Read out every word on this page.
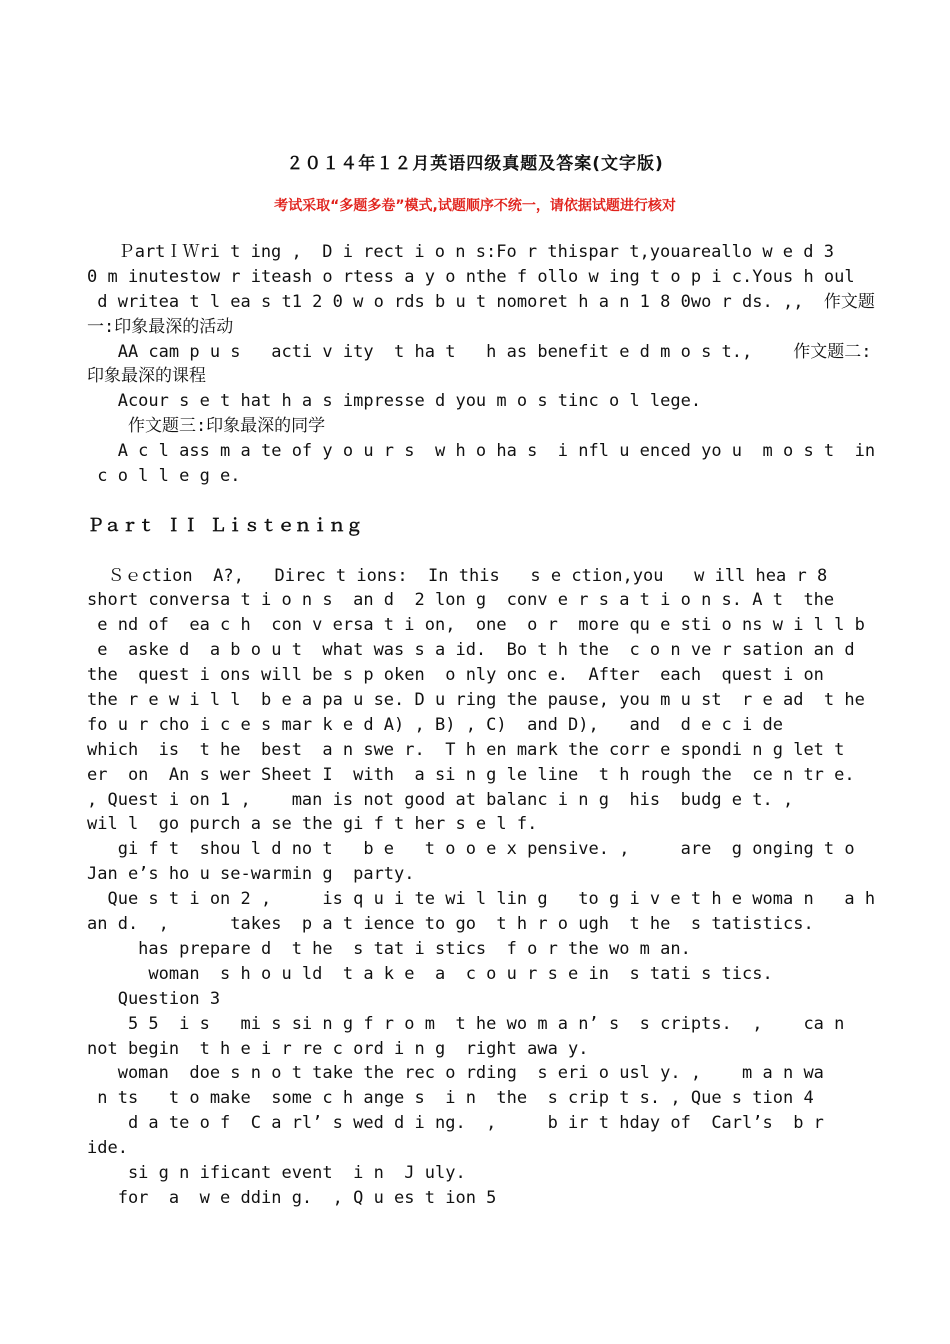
２０１４年１２月英语四级真题及答案(文字版)
考试采取“多题多卷”模式,试题顺序不统一，请依据试题进行核对
ＰartＩＷri t ing ,  D i rect i o n s:Fo r thispar t,youareallo w e d 3
0 m inutestow r iteash o rtess a y o nthe f ollo w ing t o p i c.Yous h oul
d writea t l ea s t1 2 0 w o rds b u t nomoret h a n 1 8 0wo r ds. ,,  作文题
一:印象最深的活动
AA cam p u s   acti v ity  t ha t   h as benefit e d m o s t.,    作文题二:
印象最深的课程
Acour s e t hat h a s impresse d you m o s tinc o l lege.
作文题三:印象最深的同学
A c l ass m a te of y o u r s  w h o ha s  i nfl u enced yo u  m o s t  in
c o l l e g e.
Ｐａｒｔ ＩＩ Ｌｉｓｔｅｎｉｎｇ
Ｓｅction  A?,   Direc t ions:  In this   s e ction,you   w ill hea r 8
short conversa t i o n s  an d  2 lon g  conv e r s a t i o n s. A t  the
e nd of  ea c h  con v ersa t i on,  one  o r  more qu e sti o ns w i l l b
e  aske d  a b o u t  what was s a id.  Bo t h the  c o n ve r sation an d
the  quest i ons will be s p oken  o nly onc e.  After  each  quest i on
the r e w i l l  b e a pa u se. D u ring the pause, you m u st  r e ad  t he
fo u r cho i c e s mar k e d A) , B) , C)  and D),   and  d e c i de
which  is  t he  best  a n swe r.  T h en mark the corr e spondi n g let t
er  on  An s wer Sheet I  with  a si n g le line  t h rough the  ce n tr e.
, Quest i on 1 ,    man is not good at balanc i n g  his  budg e t. ,
wil l  go purch a se the gi f t her s e l f.
gi f t  shou l d no t   b e   t o o e x pensive. ,     are  g onging t o
Jan e’s ho u se-warmin g  party.
Que s t i on 2 ,     is q u i te wi l lin g   to g i v e t h e woma n   a h
an d.  ,      takes  p a t ience to go  t h r o ugh  t he  s tatistics.
has prepare d  t he  s tat i stics  f o r the wo m an.
woman  s h o u ld  t a k e  a  c o u r s e in  s tati s tics.
Question 3
5 5  i s   mi s si n g f r o m  t he wo m a n’ s  s cripts.  ,    ca n
not begin  t h e i r re c ord i n g  right awa y.
woman  doe s n o t take the rec o rding  s eri o usl y. ,    m a n wa
n ts   t o make  some c h ange s  i n  the  s crip t s. , Que s tion 4
d a te o f  C a rl’ s wed d i ng.  ,     b ir t hday of  Carl’s  b r
ide.
si g n ificant event  i n  J uly.
for  a  w e ddin g.  , Q u es t ion 5
